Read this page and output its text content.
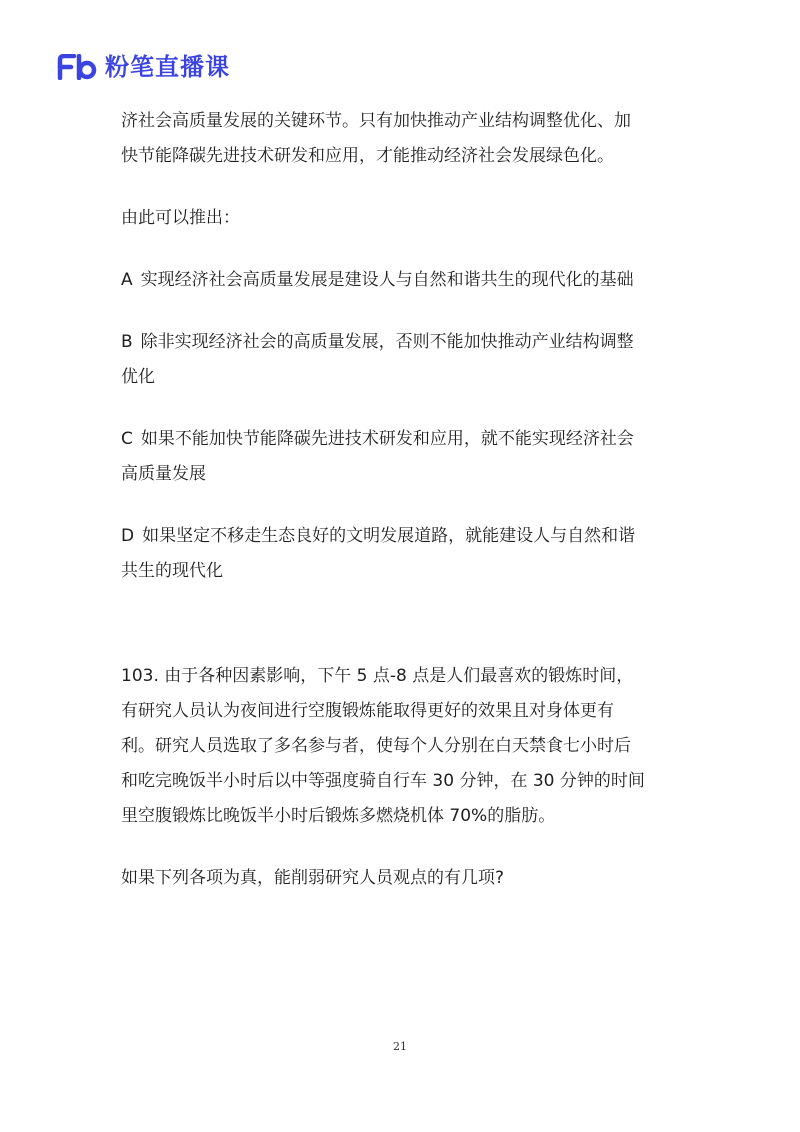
粉笔直播课

济社会高质量发展的关键环节。只有加快推动产业结构调整优化、加

快节能降碳先进技术研发和应用，才能推动经济社会发展绿色化。

由此可以推出：

A 实现经济社会高质量发展是建设人与自然和谐共生的现代化的基础

B 除非实现经济社会的高质量发展，否则不能加快推动产业结构调整

优化

C 如果不能加快节能降碳先进技术研发和应用，就不能实现经济社会

高质量发展

D 如果坚定不移走生态良好的文明发展道路，就能建设人与自然和谐

共生的现代化

103. 由于各种因素影响，下午 5 点-8 点是人们最喜欢的锻炼时间，

有研究人员认为夜间进行空腹锻炼能取得更好的效果且对身体更有

利。研究人员选取了多名参与者，使每个人分别在白天禁食七小时后

和吃完晚饭半小时后以中等强度骑自行车 30 分钟，在 30 分钟的时间

里空腹锻炼比晚饭半小时后锻炼多燃烧机体 70%的脂肪。

如果下列各项为真，能削弱研究人员观点的有几项?

21
